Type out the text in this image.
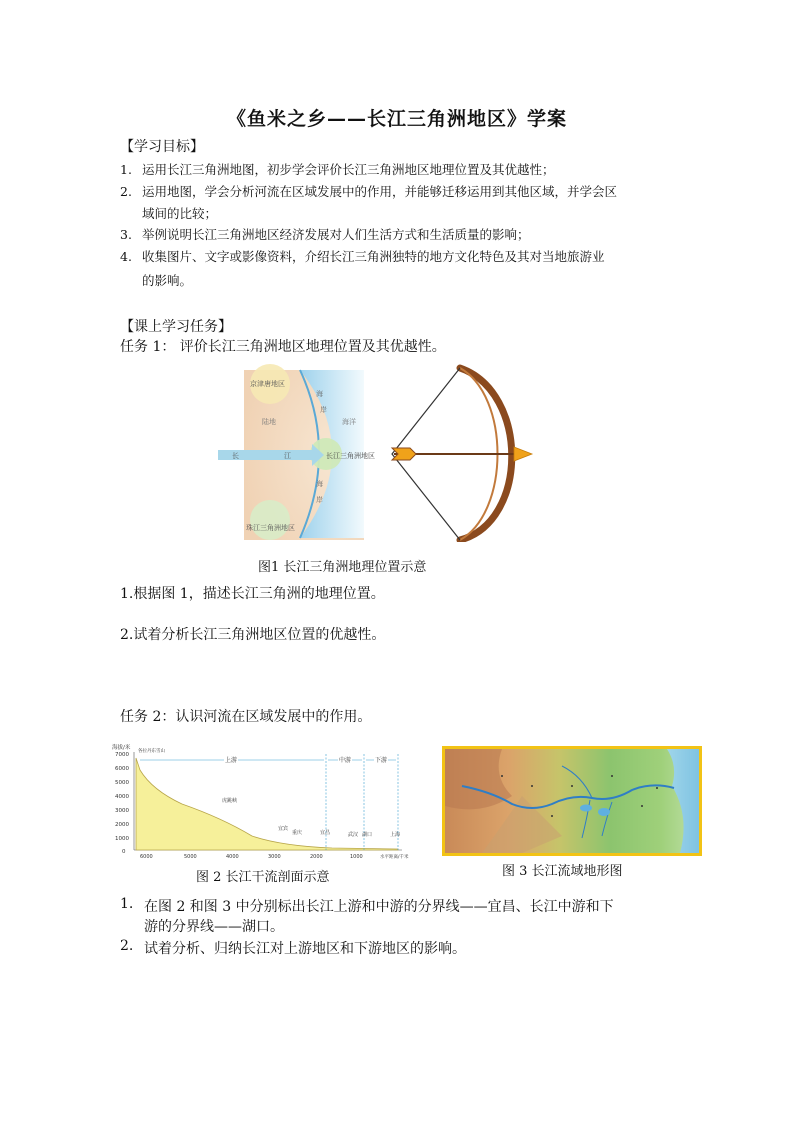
《鱼米之乡——长江三角洲地区》学案
【学习目标】
1. 运用长江三角洲地图，初步学会评价长江三角洲地区地理位置及其优越性；
2. 运用地图，学会分析河流在区域发展中的作用，并能够迁移运用到其他区域，并学会区
域间的比较；
3. 举例说明长江三角洲地区经济发展对人们生活方式和生活质量的影响；
4. 收集图片、文字或影像资料，介绍长江三角洲独特的地方文化特色及其对当地旅游业
的影响。
【课上学习任务】
任务 1： 评价长江三角洲地区地理位置及其优越性。
京津唐地区
陆地	海洋
海
岸
海
岸
长	江	长江三角洲地区
珠江三角洲地区
图1 长江三角洲地理位置示意
1.根据图 1，描述长江三角洲的地理位置。
2.试着分析长江三角洲地区位置的优越性。
任务 2：认识河流在区域发展中的作用。
海拔/米
7000
6000
5000
4000
3000
2000
1000
0
各拉丹东雪山
上游	中游	下游
虎跳峡
宜宾
重庆	宜昌	武汉 湖口	上海
6000	5000	4000	3000	2000	1000	水平距离/千米
图 2 长江干流剖面示意	图 3 长江流域地形图
1. 在图 2 和图 3 中分别标出长江上游和中游的分界线——宜昌、长江中游和下
游的分界线——湖口。
2. 试着分析、归纳长江对上游地区和下游地区的影响。
